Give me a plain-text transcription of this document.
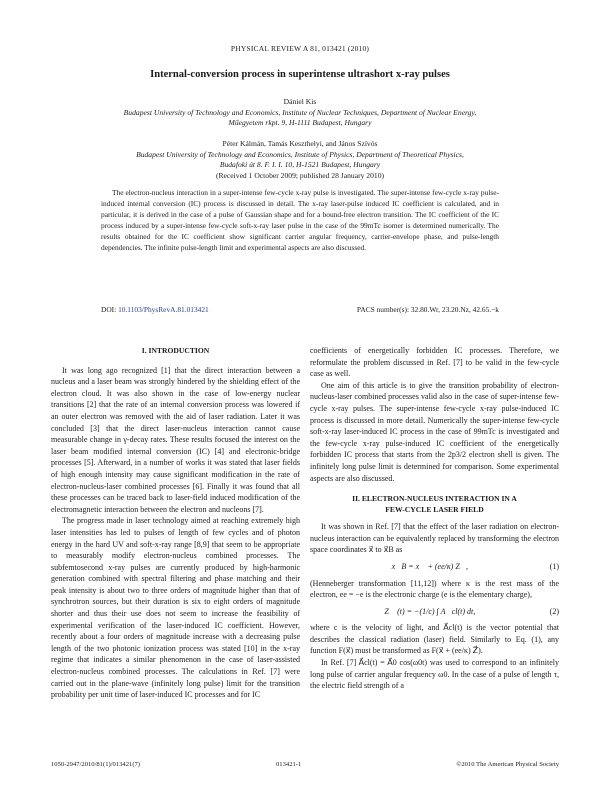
PHYSICAL REVIEW A 81, 013421 (2010)
Internal-conversion process in superintense ultrashort x-ray pulses
Dániel Kis
Budapest University of Technology and Economics, Institute of Nuclear Techniques, Department of Nuclear Energy,
Műegyetem rkpt. 9, H-1111 Budapest, Hungary
Péter Kálmán, Tamás Keszthelyi, and János Szívós
Budapest University of Technology and Economics, Institute of Physics, Department of Theoretical Physics,
Budafoki út 8. F. I. I. 10, H-1521 Budapest, Hungary
(Received 1 October 2009; published 28 January 2010)
The electron-nucleus interaction in a super-intense few-cycle x-ray pulse is investigated. The super-intense few-cycle x-ray pulse-induced internal conversion (IC) process is discussed in detail. The x-ray laser-pulse induced IC coefficient is calculated, and in particular, it is derived in the case of a pulse of Gaussian shape and for a bound-free electron transition. The IC coefficient of the IC process induced by a super-intense few-cycle soft-x-ray laser pulse in the case of the 99mTc isomer is determined numerically. The results obtained for the IC coefficient show significant carrier angular frequency, carrier-envelope phase, and pulse-length dependencies. The infinite pulse-length limit and experimental aspects are also discussed.
DOI: 10.1103/PhysRevA.81.013421	PACS number(s): 32.80.Wr, 23.20.Nz, 42.65.−k
I. INTRODUCTION

It was long ago recognized [1] that the direct interaction between a nucleus and a laser beam was strongly hindered by the shielding effect of the electron cloud. It was also shown in the case of low-energy nuclear transitions [2] that the rate of an internal conversion process was lowered if an outer electron was removed with the aid of laser radiation. Later it was concluded [3] that the direct laser-nucleus interaction cannot cause measurable change in γ-decay rates. These results focused the interest on the laser beam modified internal conversion (IC) [4] and electronic-bridge processes [5]. Afterward, in a number of works it was stated that laser fields of high enough intensity may cause significant modification in the rate of electron-nucleus-laser combined processes [6]. Finally it was found that all these processes can be traced back to laser-field induced modification of the electromagnetic interaction between the electron and nucleons [7].

The progress made in laser technology aimed at reaching extremely high laser intensities has led to pulses of length of few cycles and of photon energy in the hard UV and soft-x-ray range [8,9] that seem to be appropriate to measurably modify electron-nucleus combined processes. The subfemtosecond x-ray pulses are currently produced by high-harmonic generation combined with spectral filtering and phase matching and their peak intensity is about two to three orders of magnitude higher than that of synchrotron sources, but their duration is six to eight orders of magnitude shorter and thus their use does not seem to increase the feasibility of experimental verification of the laser-induced IC coefficient. However, recently about a four orders of magnitude increase with a decreasing pulse length of the two photonic ionization process was stated [10] in the x-ray regime that indicates a similar phenomenon in the case of laser-assisted electron-nucleus combined processes. The calculations in Ref. [7] were carried out in the plane-wave (infinitely long pulse) limit for the transition probability per unit time of laser-induced IC processes and for IC

coefficients of energetically forbidden IC processes. Therefore, we reformulate the problem discussed in Ref. [7] to be valid in the few-cycle case as well.

One aim of this article is to give the transition probability of electron-nucleus-laser combined processes valid also in the case of super-intense few-cycle x-ray pulses. The super-intense few-cycle x-ray pulse-induced IC process is discussed in more detail. Numerically the super-intense few-cycle soft-x-ray laser-induced IC process in the case of 99mTc is investigated and the few-cycle x-ray pulse-induced IC coefficient of the energetically forbidden IC process that starts from the 2p3/2 electron shell is given. The infinitely long pulse limit is determined for comparison. Some experimental aspects are also discussed.

II. ELECTRON-NUCLEUS INTERACTION IN A
FEW-CYCLE LASER FIELD

It was shown in Ref. [7] that the effect of the laser radiation on electron-nucleus interaction can be equivalently replaced by transforming the electron space coordinates x⃗ to x⃗B as

x⃗B = x⃗ + (ee/κ) Z⃗,	(1)

(Henneberger transformation [11,12]) where κ is the rest mass of the electron, ee = −e is the electronic charge (e is the elementary charge),

Z⃗ (t) = −(1/c) ∫ A⃗cl(t) dt,	(2)

where c is the velocity of light, and A⃗cl(t) is the vector potential that describes the classical radiation (laser) field. Similarly to Eq. (1), any function F(x⃗) must be transformed as F(x⃗ + (ee/κ) Z⃗).

In Ref. [7] A⃗cl(t) = A⃗0 cos(ω0t) was used to correspond to an infinitely long pulse of carrier angular frequency ω0. In the case of a pulse of length τ, the electric field strength of a

1050-2947/2010/81(1)/013421(7)	013421-1	©2010 The American Physical Society
